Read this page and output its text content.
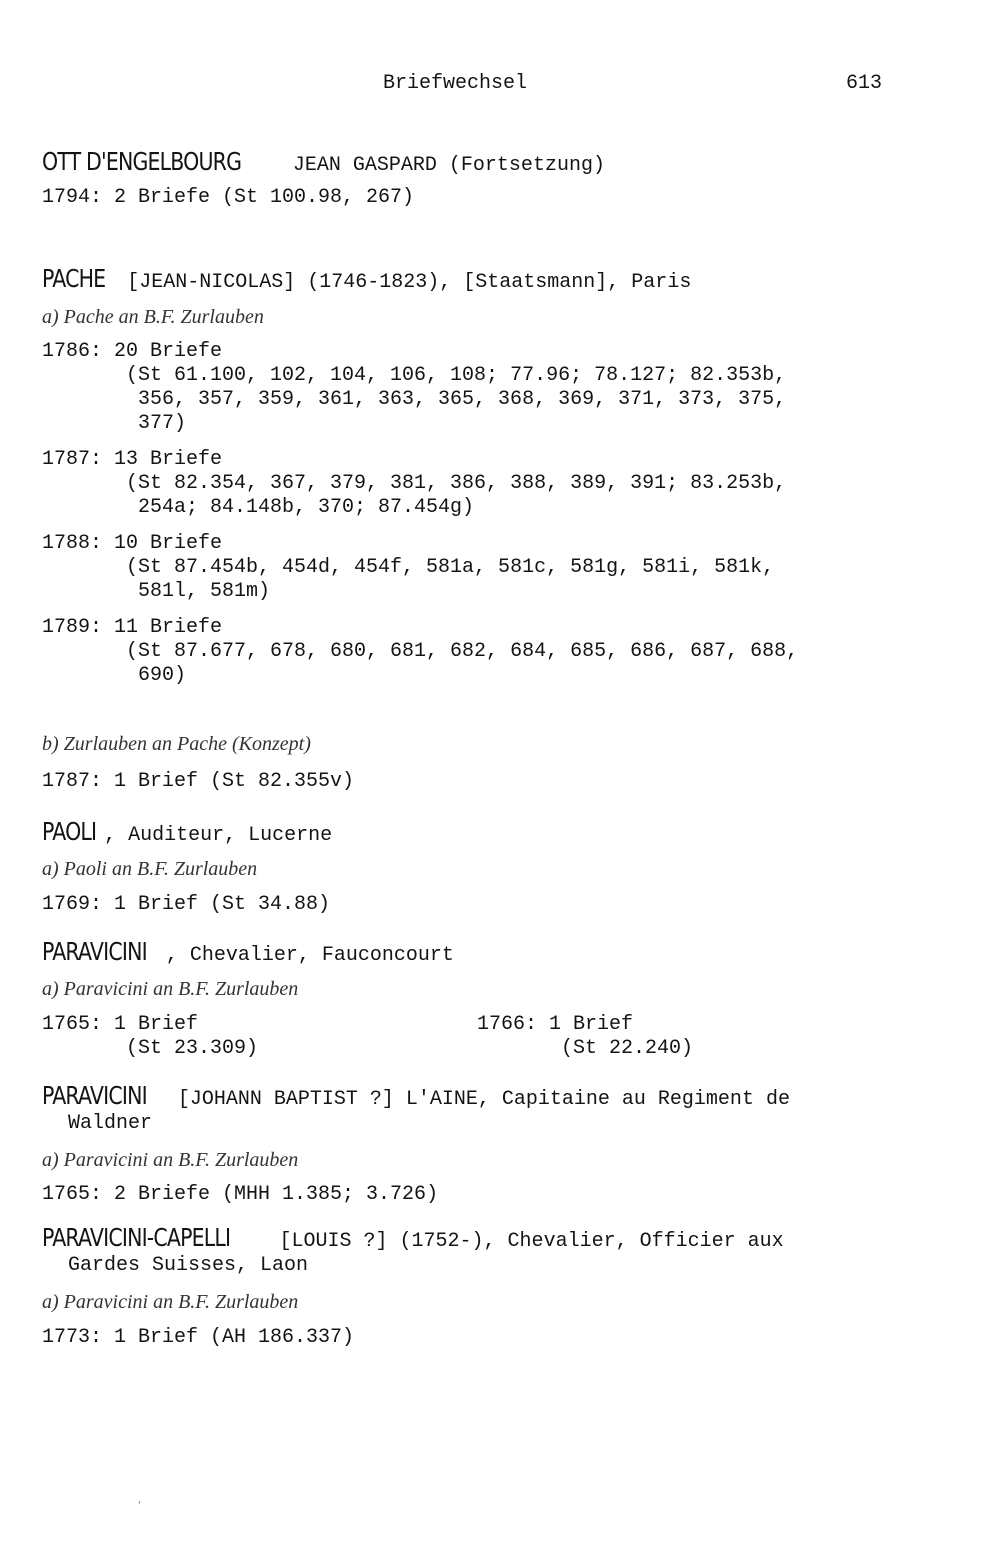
Briefwechsel	613
OTT D'ENGELBOURG	JEAN GASPARD (Fortsetzung)
1794: 2 Briefe (St 100.98, 267)
PACHE [JEAN-NICOLAS] (1746-1823), [Staatsmann], Paris
a) Pache an B.F. Zurlauben
1786: 20 Briefe
(St 61.100, 102, 104, 106, 108; 77.96; 78.127; 82.353b,
356, 357, 359, 361, 363, 365, 368, 369, 371, 373, 375,
377)
1787: 13 Briefe
(St 82.354, 367, 379, 381, 386, 388, 389, 391; 83.253b,
254a; 84.148b, 370; 87.454g)
1788: 10 Briefe
(St 87.454b, 454d, 454f, 581a, 581c, 581g, 581i, 581k,
581l, 581m)
1789: 11 Briefe
(St 87.677, 678, 680, 681, 682, 684, 685, 686, 687, 688,
690)
b) Zurlauben an Pache (Konzept)
1787: 1 Brief (St 82.355v)
PAOLI , Auditeur, Lucerne
a) Paoli an B.F. Zurlauben
1769: 1 Brief (St 34.88)
PARAVICINI , Chevalier, Fauconcourt
a) Paravicini an B.F. Zurlauben
1765: 1 Brief
(St 23.309)
1766: 1 Brief
(St 22.240)
PARAVICINI [JOHANN BAPTIST ?] L'AINE, Capitaine au Regiment de
Waldner
a) Paravicini an B.F. Zurlauben
1765: 2 Briefe (MHH 1.385; 3.726)
PARAVICINI-CAPELLI [LOUIS ?] (1752-), Chevalier, Officier aux
Gardes Suisses, Laon
a) Paravicini an B.F. Zurlauben
1773: 1 Brief (AH 186.337)
‘
